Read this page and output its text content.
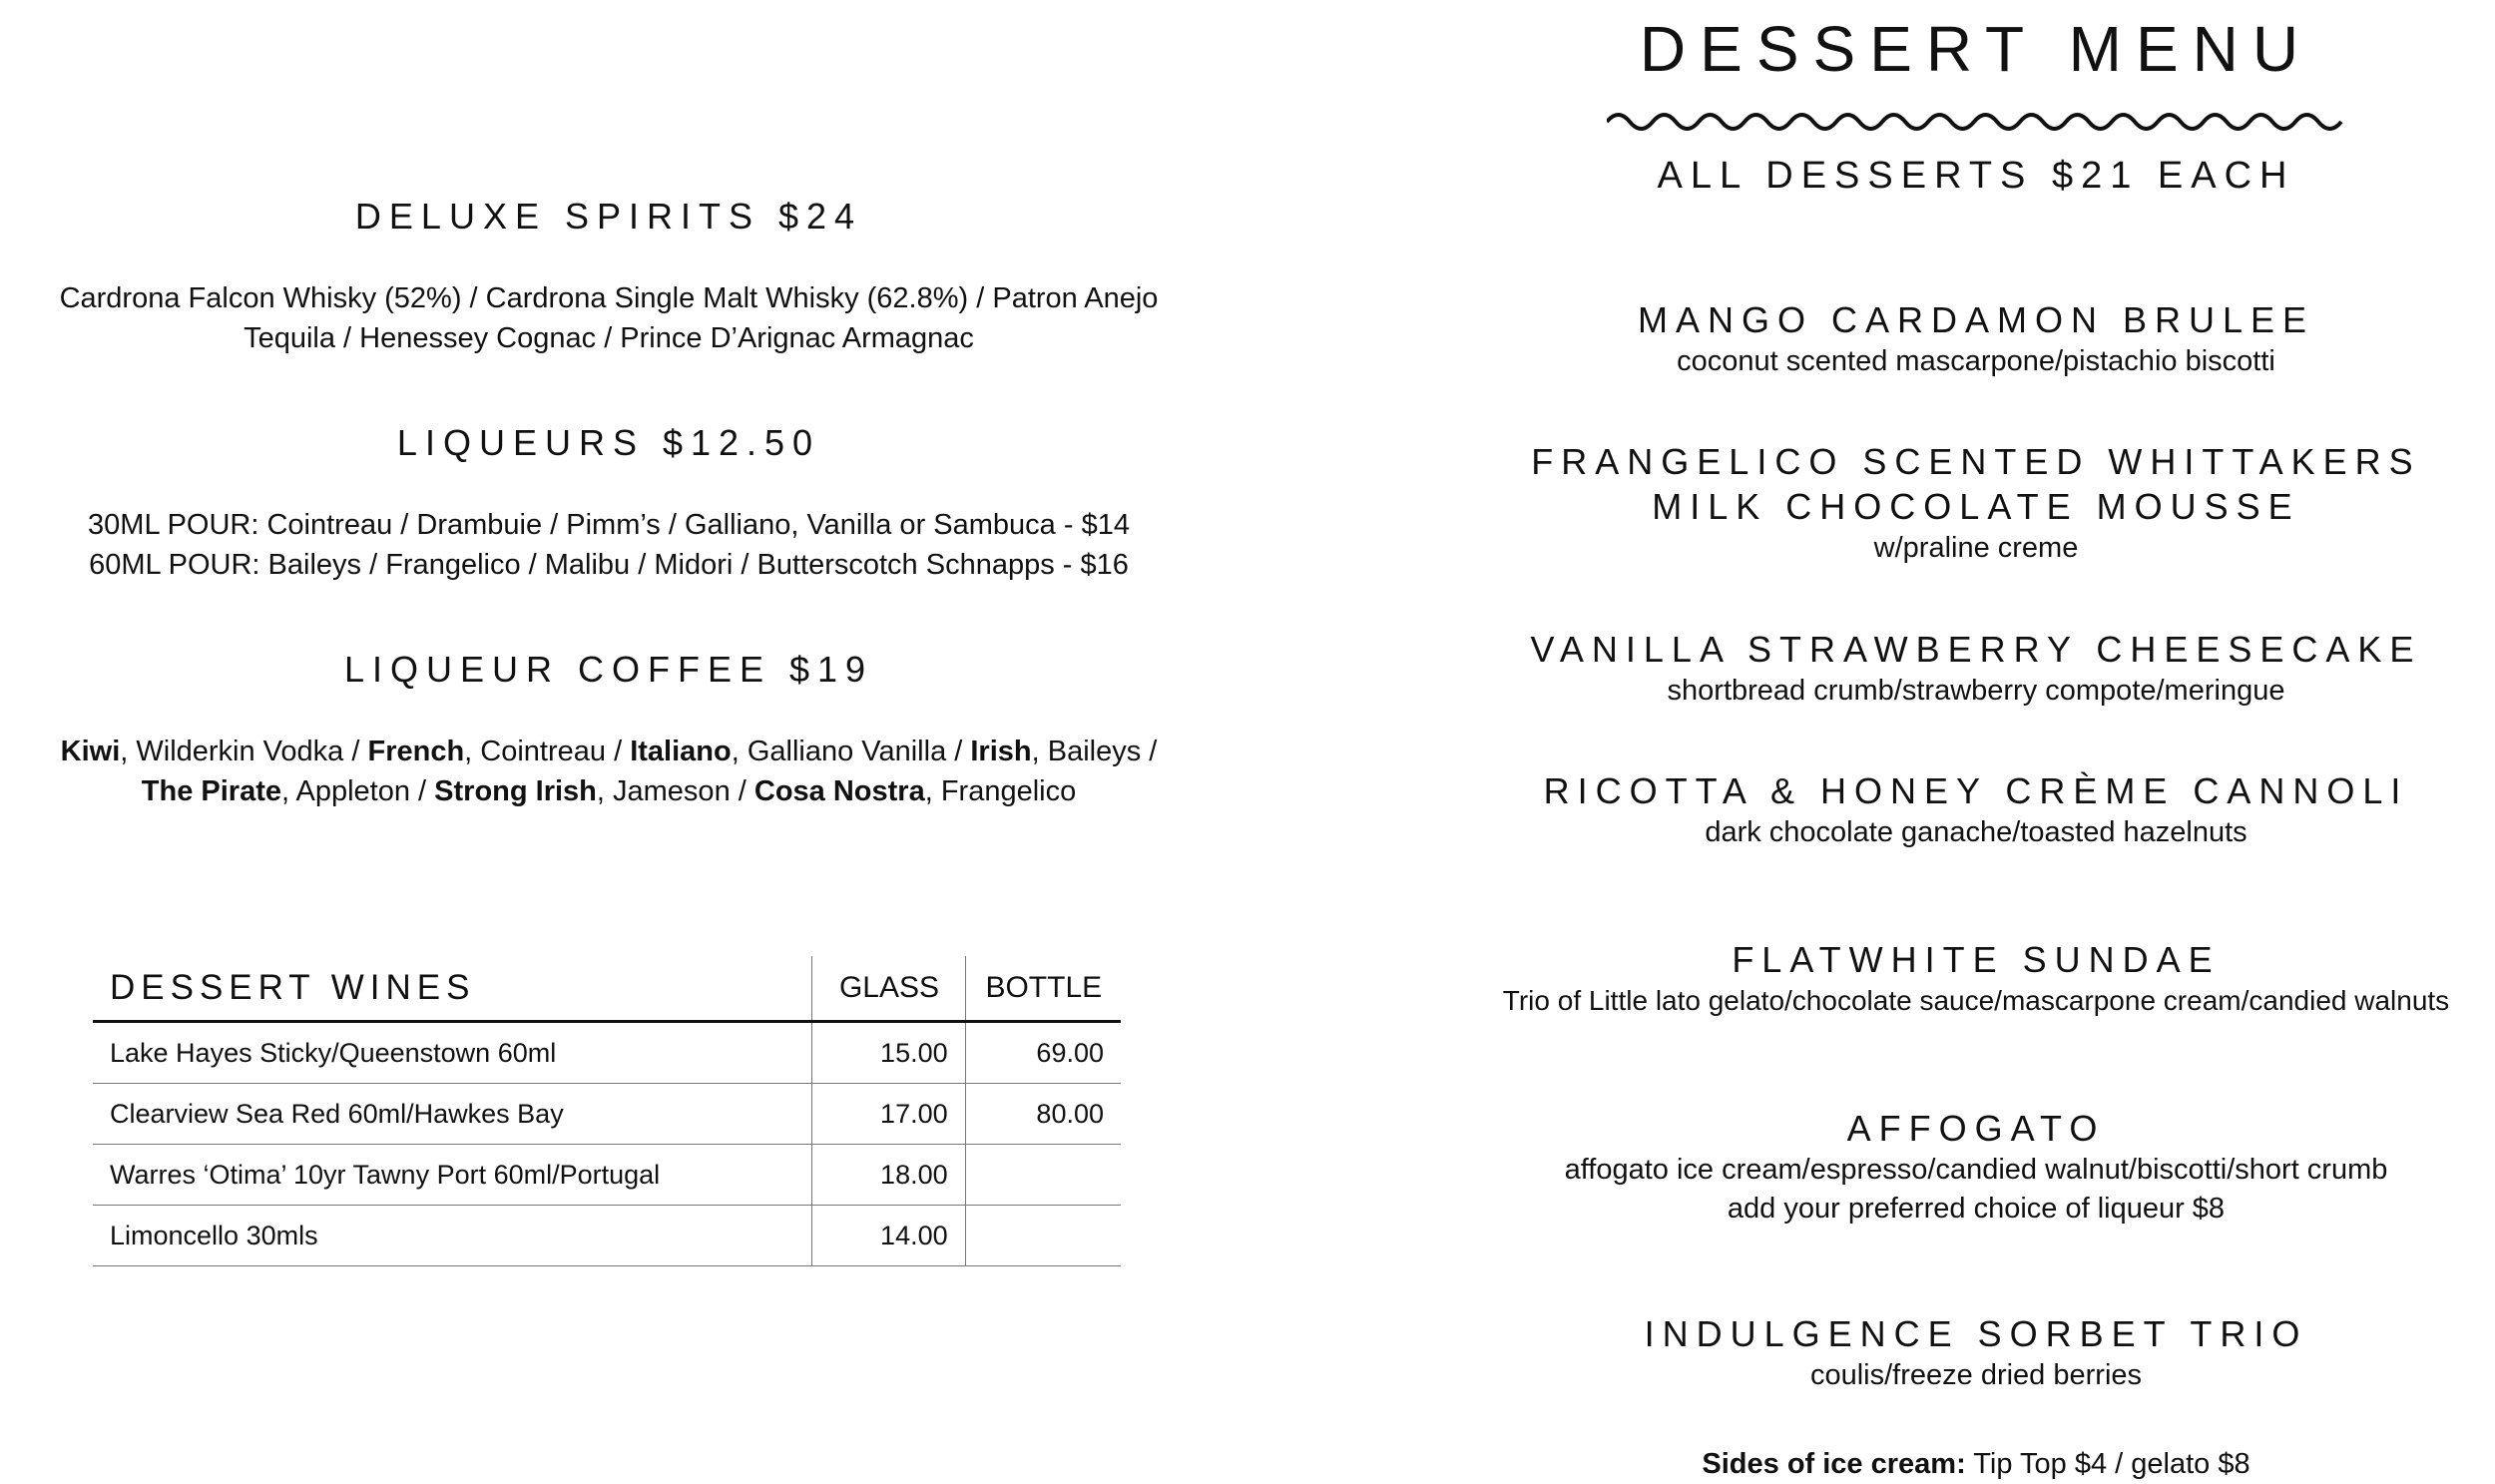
DELUXE SPIRITS $24
Cardrona Falcon Whisky (52%) / Cardrona Single Malt Whisky (62.8%) / Patron Anejo
Tequila / Henessey Cognac / Prince D’Arignac Armagnac
LIQUEURS $12.50
30ML POUR: Cointreau / Drambuie / Pimm’s / Galliano, Vanilla or Sambuca - $14
60ML POUR: Baileys / Frangelico / Malibu / Midori / Butterscotch Schnapps - $16
LIQUEUR COFFEE $19
Kiwi, Wilderkin Vodka / French, Cointreau / Italiano, Galliano Vanilla / Irish, Baileys /
The Pirate, Appleton / Strong Irish, Jameson / Cosa Nostra, Frangelico
DESSERT WINES	GLASS	BOTTLE
Lake Hayes Sticky/Queenstown 60ml	15.00	69.00
Clearview Sea Red 60ml/Hawkes Bay	17.00	80.00
Warres ‘Otima’ 10yr Tawny Port 60ml/Portugal	18.00	
Limoncello 30mls	14.00	
DESSERT MENU
ALL DESSERTS $21 EACH
MANGO CARDAMON BRULEE
coconut scented mascarpone/pistachio biscotti
FRANGELICO SCENTED WHITTAKERS
MILK CHOCOLATE MOUSSE
w/praline creme
VANILLA STRAWBERRY CHEESECAKE
shortbread crumb/strawberry compote/meringue
RICOTTA & HONEY CRÈME CANNOLI
dark chocolate ganache/toasted hazelnuts
FLATWHITE SUNDAE
Trio of Little lato gelato/chocolate sauce/mascarpone cream/candied walnuts
AFFOGATO
affogato ice cream/espresso/candied walnut/biscotti/short crumb
add your preferred choice of liqueur $8
INDULGENCE SORBET TRIO
coulis/freeze dried berries
Sides of ice cream: Tip Top $4 / gelato $8
